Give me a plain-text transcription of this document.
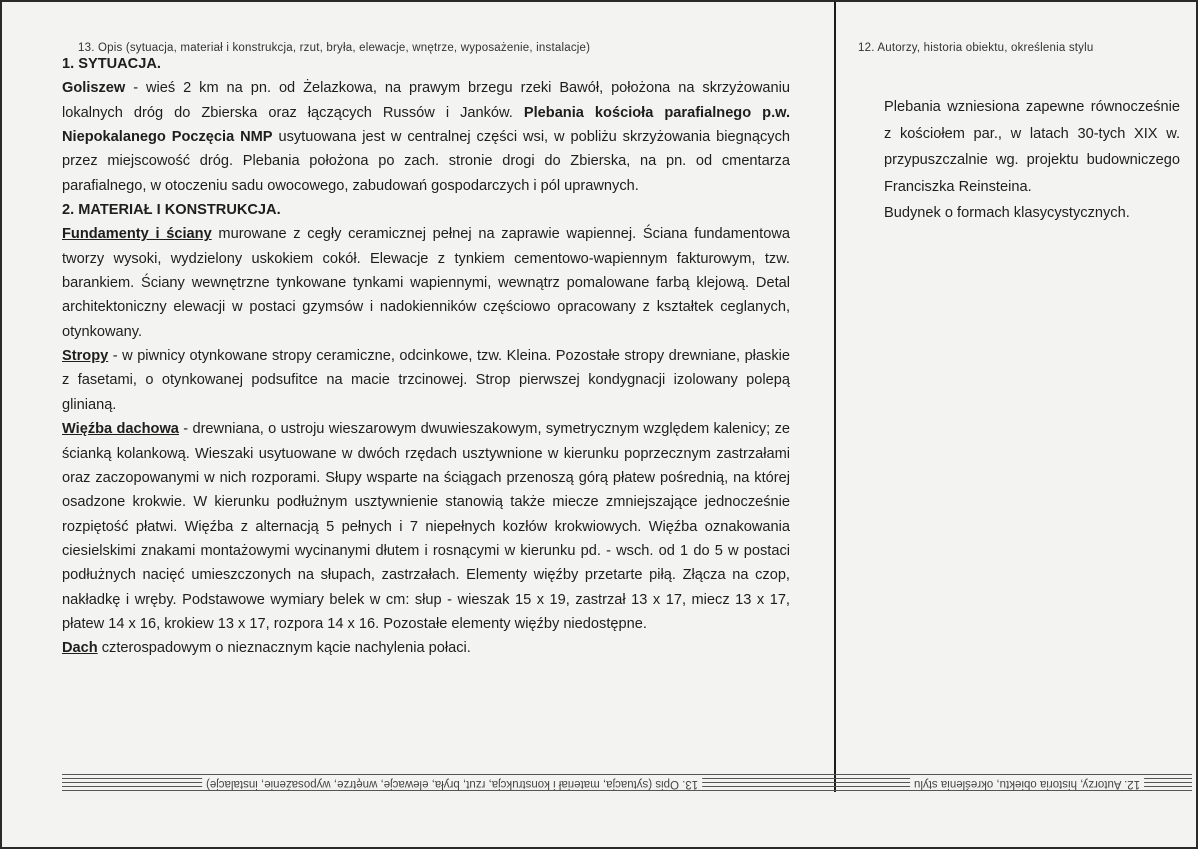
13. Opis (sytuacja, materiał i konstrukcja, rzut, bryła, elewacje, wnętrze, wyposażenie, instalacje)	12. Autorzy, historia obiektu, określenia stylu

1. SYTUACJA.

Goliszew - wieś 2 km na pn. od Żelazkowa, na prawym brzegu rzeki Bawół, położona na skrzyżowaniu lokalnych dróg do Zbierska oraz łączących Russów i Janków. Plebania kościoła parafialnego p.w. Niepokalanego Poczęcia NMP usytuowana jest w centralnej części wsi, w pobliżu skrzyżowania biegnących przez miejscowość dróg. Plebania położona po zach. stronie drogi do Zbierska, na pn. od cmentarza parafialnego, w otoczeniu sadu owocowego, zabudowań gospodarczych i pól uprawnych.

2. MATERIAŁ I KONSTRUKCJA.

Fundamenty i ściany murowane z cegły ceramicznej pełnej na zaprawie wapiennej. Ściana fundamentowa tworzy wysoki, wydzielony uskokiem cokół. Elewacje z tynkiem cementowo-wapiennym fakturowym, tzw. barankiem. Ściany wewnętrzne tynkowane tynkami wapiennymi, wewnątrz pomalowane farbą klejową. Detal architektoniczny elewacji w postaci gzymsów i nadokienników częściowo opracowany z kształtek ceglanych, otynkowany.

Stropy - w piwnicy otynkowane stropy ceramiczne, odcinkowe, tzw. Kleina. Pozostałe stropy drewniane, płaskie z fasetami, o otynkowanej podsufitce na macie trzcinowej. Strop pierwszej kondygnacji izolowany polepą glinianą.

Więźba dachowa - drewniana, o ustroju wieszarowym dwuwieszakowym, symetrycznym względem kalenicy; ze ścianką kolankową. Wieszaki usytuowane w dwóch rzędach usztywnione w kierunku poprzecznym zastrzałami oraz zaczopowanymi w nich rozporami. Słupy wsparte na ściągach przenoszą górą płatew pośrednią, na której osadzone krokwie. W kierunku podłużnym usztywnienie stanowią także miecze zmniejszające jednocześnie rozpiętość płatwi. Więźba z alternacją 5 pełnych i 7 niepełnych kozłów krokwiowych. Więźba oznakowania ciesielskimi znakami montażowymi wycinanymi dłutem i rosnącymi w kierunku pd. - wsch. od 1 do 5 w postaci podłużnych nacięć umieszczonych na słupach, zastrzałach. Elementy więźby przetarte piłą. Złącza na czop, nakładkę i wręby. Podstawowe wymiary belek w cm: słup - wieszak 15 x 19, zastrzał 13 x 17, miecz 13 x 17, płatew 14 x 16, krokiew 13 x 17, rozpora 14 x 16. Pozostałe elementy więźby niedostępne.

Dach czterospadowym o nieznacznym kącie nachylenia połaci.

Plebania wzniesiona zapewne równocześnie z kościołem par., w latach 30-tych XIX w. przypuszczalnie wg. projektu budowniczego Franciszka Reinsteina.

Budynek o formach klasycystycznych.

13. Opis (sytuacja, materiał i konstrukcja, rzut, bryła, elewacje, wnętrze, wyposażenie, instalacje)	12. Autorzy, historia obiektu, określenia stylu
